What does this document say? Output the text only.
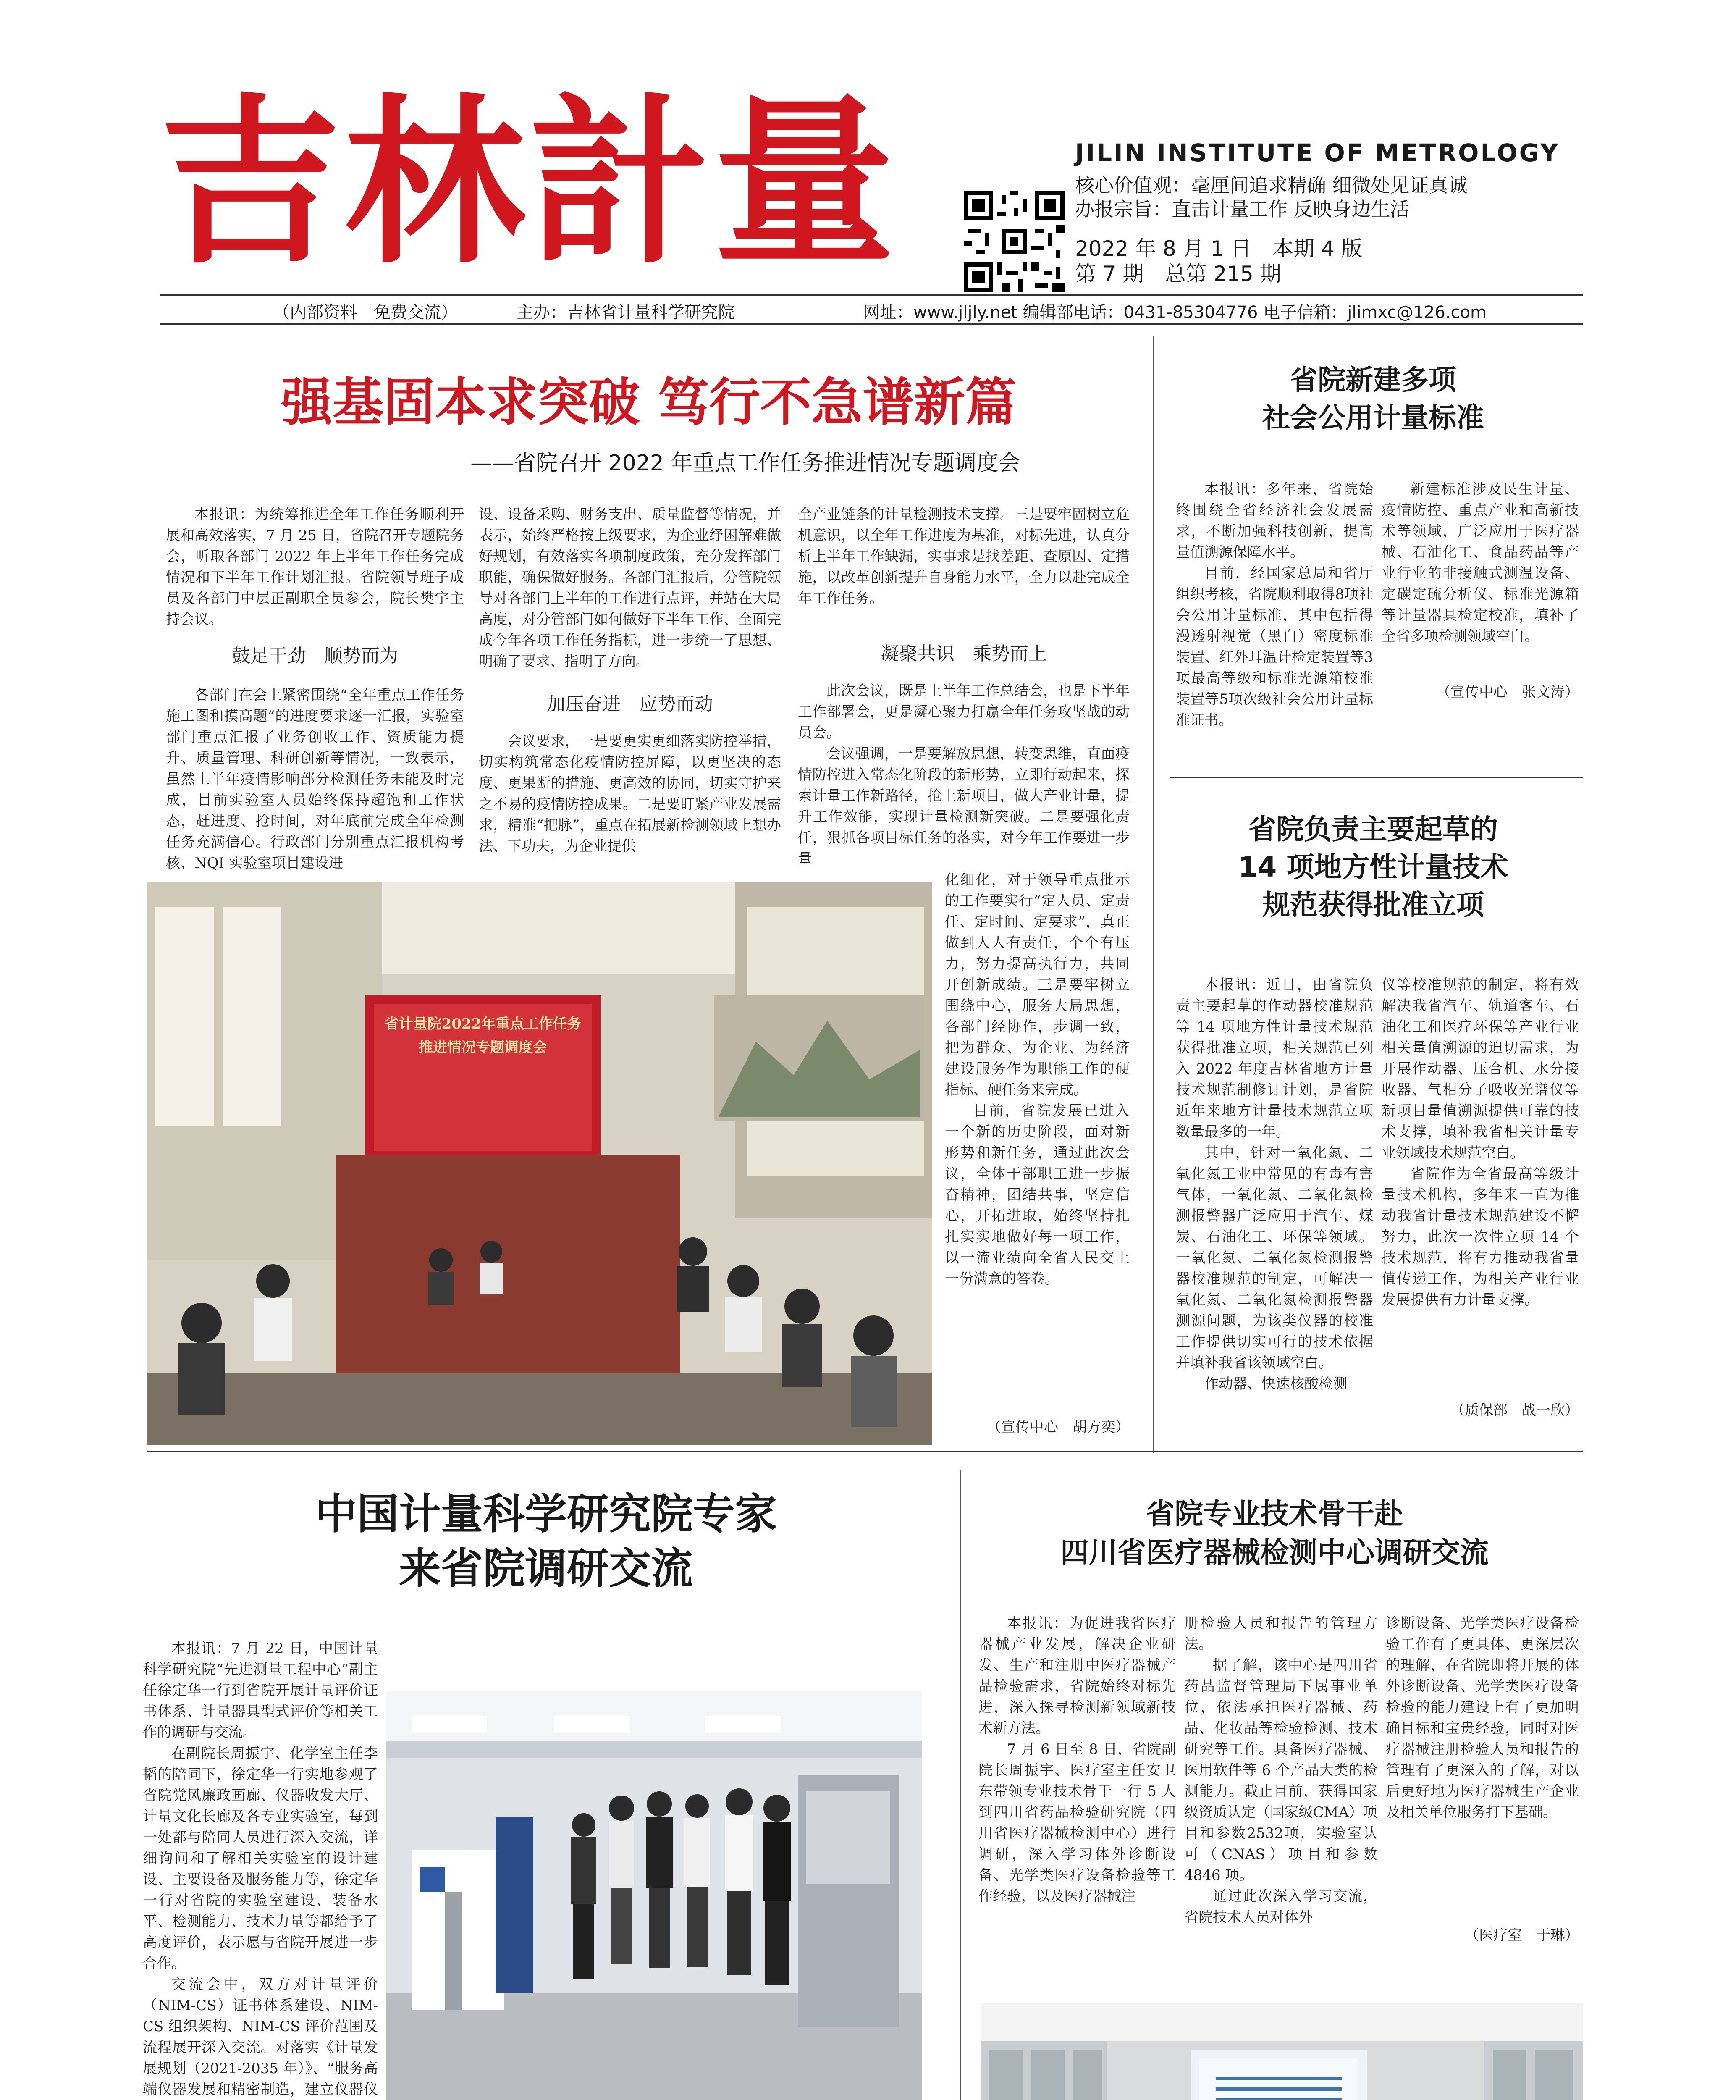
吉林計量	JILIN INSTITUTE OF METROLOGY
核心价值观：毫厘间追求精确 细微处见证真诚
办报宗旨：直击计量工作 反映身边生活
2022 年 8 月 1 日　本期 4 版
第 7 期　总第 215 期
（内部资料　免费交流）	主办：吉林省计量科学研究院	网址：www.jljly.net 编辑部电话：0431-85304776 电子信箱：jlimxc@126.com
强基固本求突破 笃行不急谱新篇
——省院召开 2022 年重点工作任务推进情况专题调度会

本报讯：为统筹推进全年工作任务顺利开展和高效落实，7 月 25 日，省院召开专题院务会，听取各部门 2022 年上半年工作任务完成情况和下半年工作计划汇报。省院领导班子成员及各部门中层正副职全员参会，院长樊宇主持会议。

鼓足干劲　顺势而为

各部门在会上紧密围绕“全年重点工作任务施工图和摸高题”的进度要求逐一汇报，实验室部门重点汇报了业务创收工作、资质能力提升、质量管理、科研创新等情况，一致表示，虽然上半年疫情影响部分检测任务未能及时完成，目前实验室人员始终保持超饱和工作状态，赶进度、抢时间，对年底前完成全年检测任务充满信心。行政部门分别重点汇报机构考核、NQI 实验室项目建设进

设、设备采购、财务支出、质量监督等情况，并表示，始终严格按上级要求，为企业纾困解难做好规划，有效落实各项制度政策，充分发挥部门职能，确保做好服务。各部门汇报后，分管院领导对各部门上半年的工作进行点评，并站在大局高度，对分管部门如何做好下半年工作、全面完成今年各项工作任务指标，进一步统一了思想、明确了要求、指明了方向。

加压奋进　应势而动

会议要求，一是要更实更细落实防控举措，切实构筑常态化疫情防控屏障，以更坚决的态度、更果断的措施、更高效的协同，切实守护来之不易的疫情防控成果。二是要盯紧产业发展需求，精准“把脉”，重点在拓展新检测领域上想办法、下功夫，为企业提供

全产业链条的计量检测技术支撑。三是要牢固树立危机意识，以全年工作进度为基准，对标先进，认真分析上半年工作缺漏，实事求是找差距、查原因、定措施，以改革创新提升自身能力水平，全力以赴完成全年工作任务。

凝聚共识　乘势而上

此次会议，既是上半年工作总结会，也是下半年工作部署会，更是凝心聚力打赢全年任务攻坚战的动员会。

会议强调，一是要解放思想，转变思维，直面疫情防控进入常态化阶段的新形势，立即行动起来，探索计量工作新路径，抢上新项目，做大产业计量，提升工作效能，实现计量检测新突破。二是要强化责任，狠抓各项目标任务的落实，对今年工作要进一步量

省计量院2022年重点工作任务推进情况专题调度会

化细化，对于领导重点批示的工作要实行“定人员、定责任、定时间、定要求”，真正做到人人有责任，个个有压力，努力提高执行力，共同开创新成绩。三是要牢树立围绕中心，服务大局思想，各部门经协作，步调一致，把为群众、为企业、为经济建设服务作为职能工作的硬指标、硬任务来完成。

目前，省院发展已进入一个新的历史阶段，面对新形势和新任务，通过此次会议，全体干部职工进一步振奋精神，团结共事，坚定信心，开拓进取，始终坚持扎扎实实地做好每一项工作，以一流业绩向全省人民交上一份满意的答卷。

（宣传中心　胡方奕）
省院新建多项
社会公用计量标准

本报讯：多年来，省院始终围绕全省经济社会发展需求，不断加强科技创新，提高量值溯源保障水平。

目前，经国家总局和省厅组织考核，省院顺利取得8项社会公用计量标准，其中包括得漫透射视觉（黑白）密度标准装置、红外耳温计检定装置等3项最高等级和标准光源箱校准装置等5项次级社会公用计量标准证书。

新建标准涉及民生计量、疫情防控、重点产业和高新技术等领域，广泛应用于医疗器械、石油化工、食品药品等产业行业的非接触式测温设备、定碳定硫分析仪、标准光源箱等计量器具检定校准，填补了全省多项检测领域空白。

（宣传中心　张文涛）
省院负责主要起草的
14 项地方性计量技术
规范获得批准立项

本报讯：近日，由省院负责主要起草的作动器校准规范等 14 项地方性计量技术规范获得批准立项，相关规范已列入 2022 年度吉林省地方计量技术规范制修订计划，是省院近年来地方计量技术规范立项数量最多的一年。

其中，针对一氧化氮、二氧化氮工业中常见的有毒有害气体，一氧化氮、二氧化氮检测报警器广泛应用于汽车、煤炭、石油化工、环保等领域。一氧化氮、二氧化氮检测报警器校准规范的制定，可解决一氧化氮、二氧化氮检测报警器测源问题，为该类仪器的校准工作提供切实可行的技术依据并填补我省该领域空白。

作动器、快速核酸检测

仪等校准规范的制定，将有效解决我省汽车、轨道客车、石油化工和医疗环保等产业行业相关量值溯源的迫切需求，为开展作动器、压合机、水分接收器、气相分子吸收光谱仪等新项目量值溯源提供可靠的技术支撑，填补我省相关计量专业领域技术规范空白。

省院作为全省最高等级计量技术机构，多年来一直为推动我省计量技术规范建设不懈努力，此次一次性立项 14 个技术规范，将有力推动我省量值传递工作，为相关产业行业发展提供有力计量支撑。

（质保部　战一欣）
中国计量科学研究院专家
来省院调研交流

本报讯：7 月 22 日，中国计量科学研究院“先进测量工程中心”副主任徐定华一行到省院开展计量评价证书体系、计量器具型式评价等相关工作的调研与交流。

在副院长周振宇、化学室主任李韬的陪同下，徐定华一行实地参观了省院党风廉政画廊、仪器收发大厅、计量文化长廊及各专业实验室，每到一处都与陪同人员进行深入交流，详细询问和了解相关实验室的设计建设、主要设备及服务能力等，徐定华一行对省院的实验室建设、装备水平、检测能力、技术力量等都给予了高度评价，表示愿与省院开展进一步合作。

交流会中，双方对计量评价（NIM-CS）证书体系建设、NIM-CS 组织架构、NIM-CS 评价范围及流程展开深入交流。对落实《计量发展规划（2021-2035 年）》、“服务高端仪器发展和精密制造，建立仪器仪

省院专业技术骨干赴
四川省医疗器械检测中心调研交流

本报讯：为促进我省医疗器械产业发展，解决企业研发、生产和注册中医疗器械产品检验需求，省院始终对标先进，深入探寻检测新领域新技术新方法。

7 月 6 日至 8 日，省院副院长周振宇、医疗室主任安卫东带领专业技术骨干一行 5 人到四川省药品检验研究院（四川省医疗器械检测中心）进行调研，深入学习体外诊断设备、光学类医疗设备检验等工作经验，以及医疗器械注

册检验人员和报告的管理方法。

据了解，该中心是四川省药品监督管理局下属事业单位，依法承担医疗器械、药品、化妆品等检验检测、技术研究等工作。具备医疗器械、医用软件等 6 个产品大类的检测能力。截止目前，获得国家级资质认定（国家级CMA）项目和参数2532项，实验室认可（CNAS）项目和参数 4846 项。

通过此次深入学习交流，省院技术人员对体外

诊断设备、光学类医疗设备检验工作有了更具体、更深层次的理解，在省院即将开展的体外诊断设备、光学类医疗设备检验的能力建设上有了更加明确目标和宝贵经验，同时对医疗器械注册检验人员和报告的管理有了更深入的了解，对以后更好地为医疗器械生产企业及相关单位服务打下基础。

（医疗室　于琳）
